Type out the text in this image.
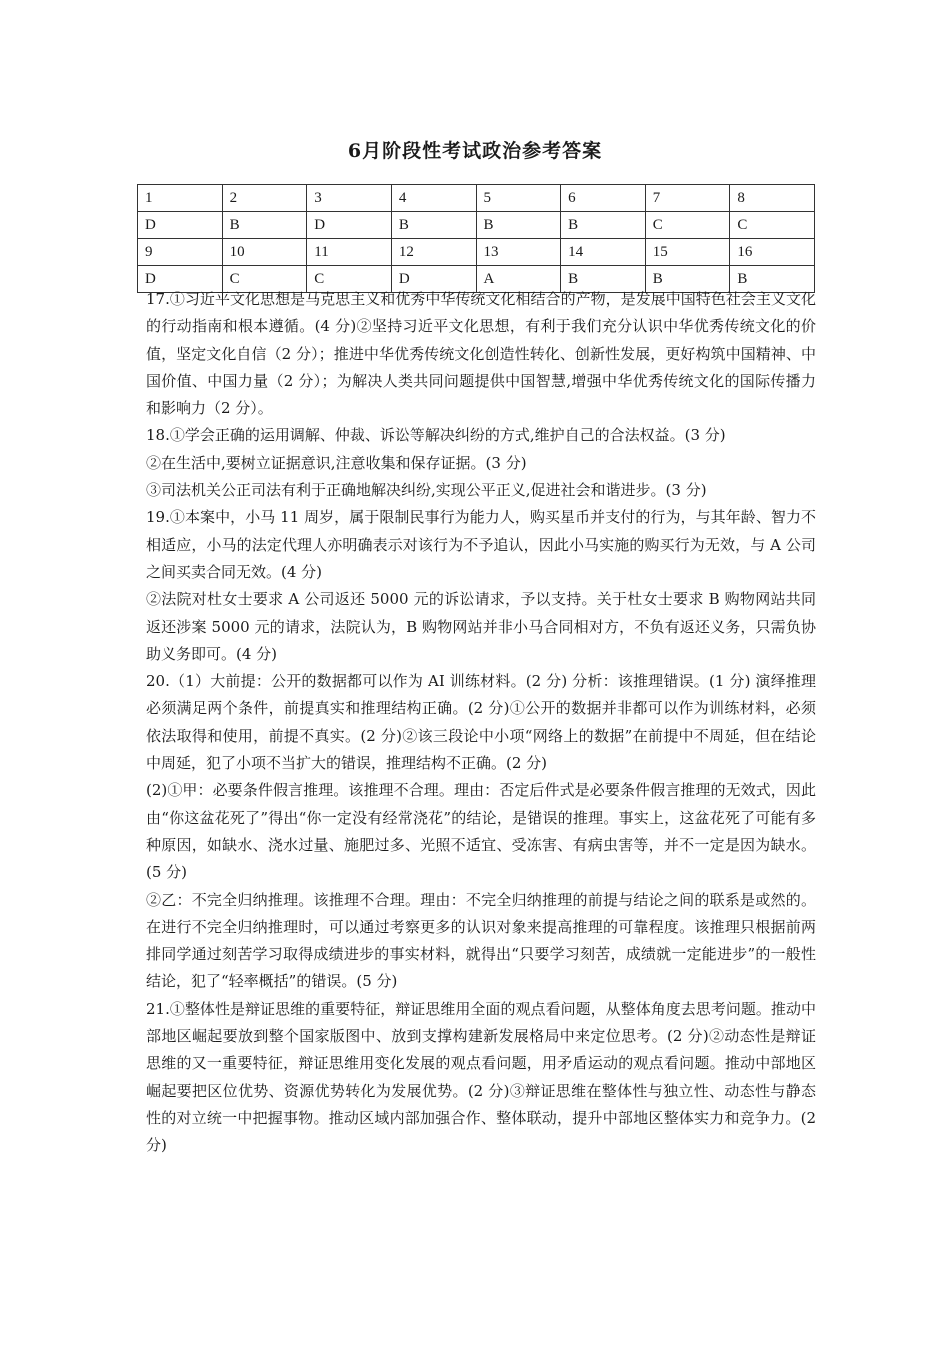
6月阶段性考试政治参考答案
1	2	3	4	5	6	7	8
D	B	D	B	B	B	C	C
9	10	11	12	13	14	15	16
D	C	C	D	A	B	B	B

17.①习近平文化思想是马克思主义和优秀中华传统文化相结合的产物，是发展中国特色社会主义文化的行动指南和根本遵循。(4 分)②坚持习近平文化思想，有利于我们充分认识中华优秀传统文化的价值，坚定文化自信（2 分）；推进中华优秀传统文化创造性转化、创新性发展，更好构筑中国精神、中国价值、中国力量（2 分）；为解决人类共同问题提供中国智慧,增强中华优秀传统文化的国际传播力和影响力（2 分）。

18.①学会正确的运用调解、仲裁、诉讼等解决纠纷的方式,维护自己的合法权益。(3 分)

②在生活中,要树立证据意识,注意收集和保存证据。(3 分)

③司法机关公正司法有利于正确地解决纠纷,实现公平正义,促进社会和谐进步。(3 分)

19.①本案中，小马 11 周岁，属于限制民事行为能力人，购买星币并支付的行为，与其年龄、智力不相适应，小马的法定代理人亦明确表示对该行为不予追认，因此小马实施的购买行为无效，与 A 公司之间买卖合同无效。(4 分)

②法院对杜女士要求 A 公司返还 5000 元的诉讼请求，予以支持。关于杜女士要求 B 购物网站共同返还涉案 5000 元的请求，法院认为，B 购物网站并非小马合同相对方，不负有返还义务，只需负协助义务即可。(4 分)

20.（1）大前提：公开的数据都可以作为 AI 训练材料。(2 分) 分析：该推理错误。(1 分) 演绎推理必须满足两个条件，前提真实和推理结构正确。(2 分)①公开的数据并非都可以作为训练材料，必须依法取得和使用，前提不真实。(2 分)②该三段论中小项“网络上的数据”在前提中不周延，但在结论中周延，犯了小项不当扩大的错误，推理结构不正确。(2 分)

(2)①甲：必要条件假言推理。该推理不合理。理由：否定后件式是必要条件假言推理的无效式，因此由“你这盆花死了”得出“你一定没有经常浇花”的结论，是错误的推理。事实上，这盆花死了可能有多种原因，如缺水、浇水过量、施肥过多、光照不适宜、受冻害、有病虫害等，并不一定是因为缺水。(5 分)

②乙：不完全归纳推理。该推理不合理。理由：不完全归纳推理的前提与结论之间的联系是或然的。在进行不完全归纳推理时，可以通过考察更多的认识对象来提高推理的可靠程度。该推理只根据前两排同学通过刻苦学习取得成绩进步的事实材料，就得出“只要学习刻苦，成绩就一定能进步”的一般性结论，犯了“轻率概括”的错误。(5 分)

21.①整体性是辩证思维的重要特征，辩证思维用全面的观点看问题，从整体角度去思考问题。推动中部地区崛起要放到整个国家版图中、放到支撑构建新发展格局中来定位思考。(2 分)②动态性是辩证思维的又一重要特征，辩证思维用变化发展的观点看问题，用矛盾运动的观点看问题。推动中部地区崛起要把区位优势、资源优势转化为发展优势。(2 分)③辩证思维在整体性与独立性、动态性与静态性的对立统一中把握事物。推动区域内部加强合作、整体联动，提升中部地区整体实力和竞争力。(2 分)
